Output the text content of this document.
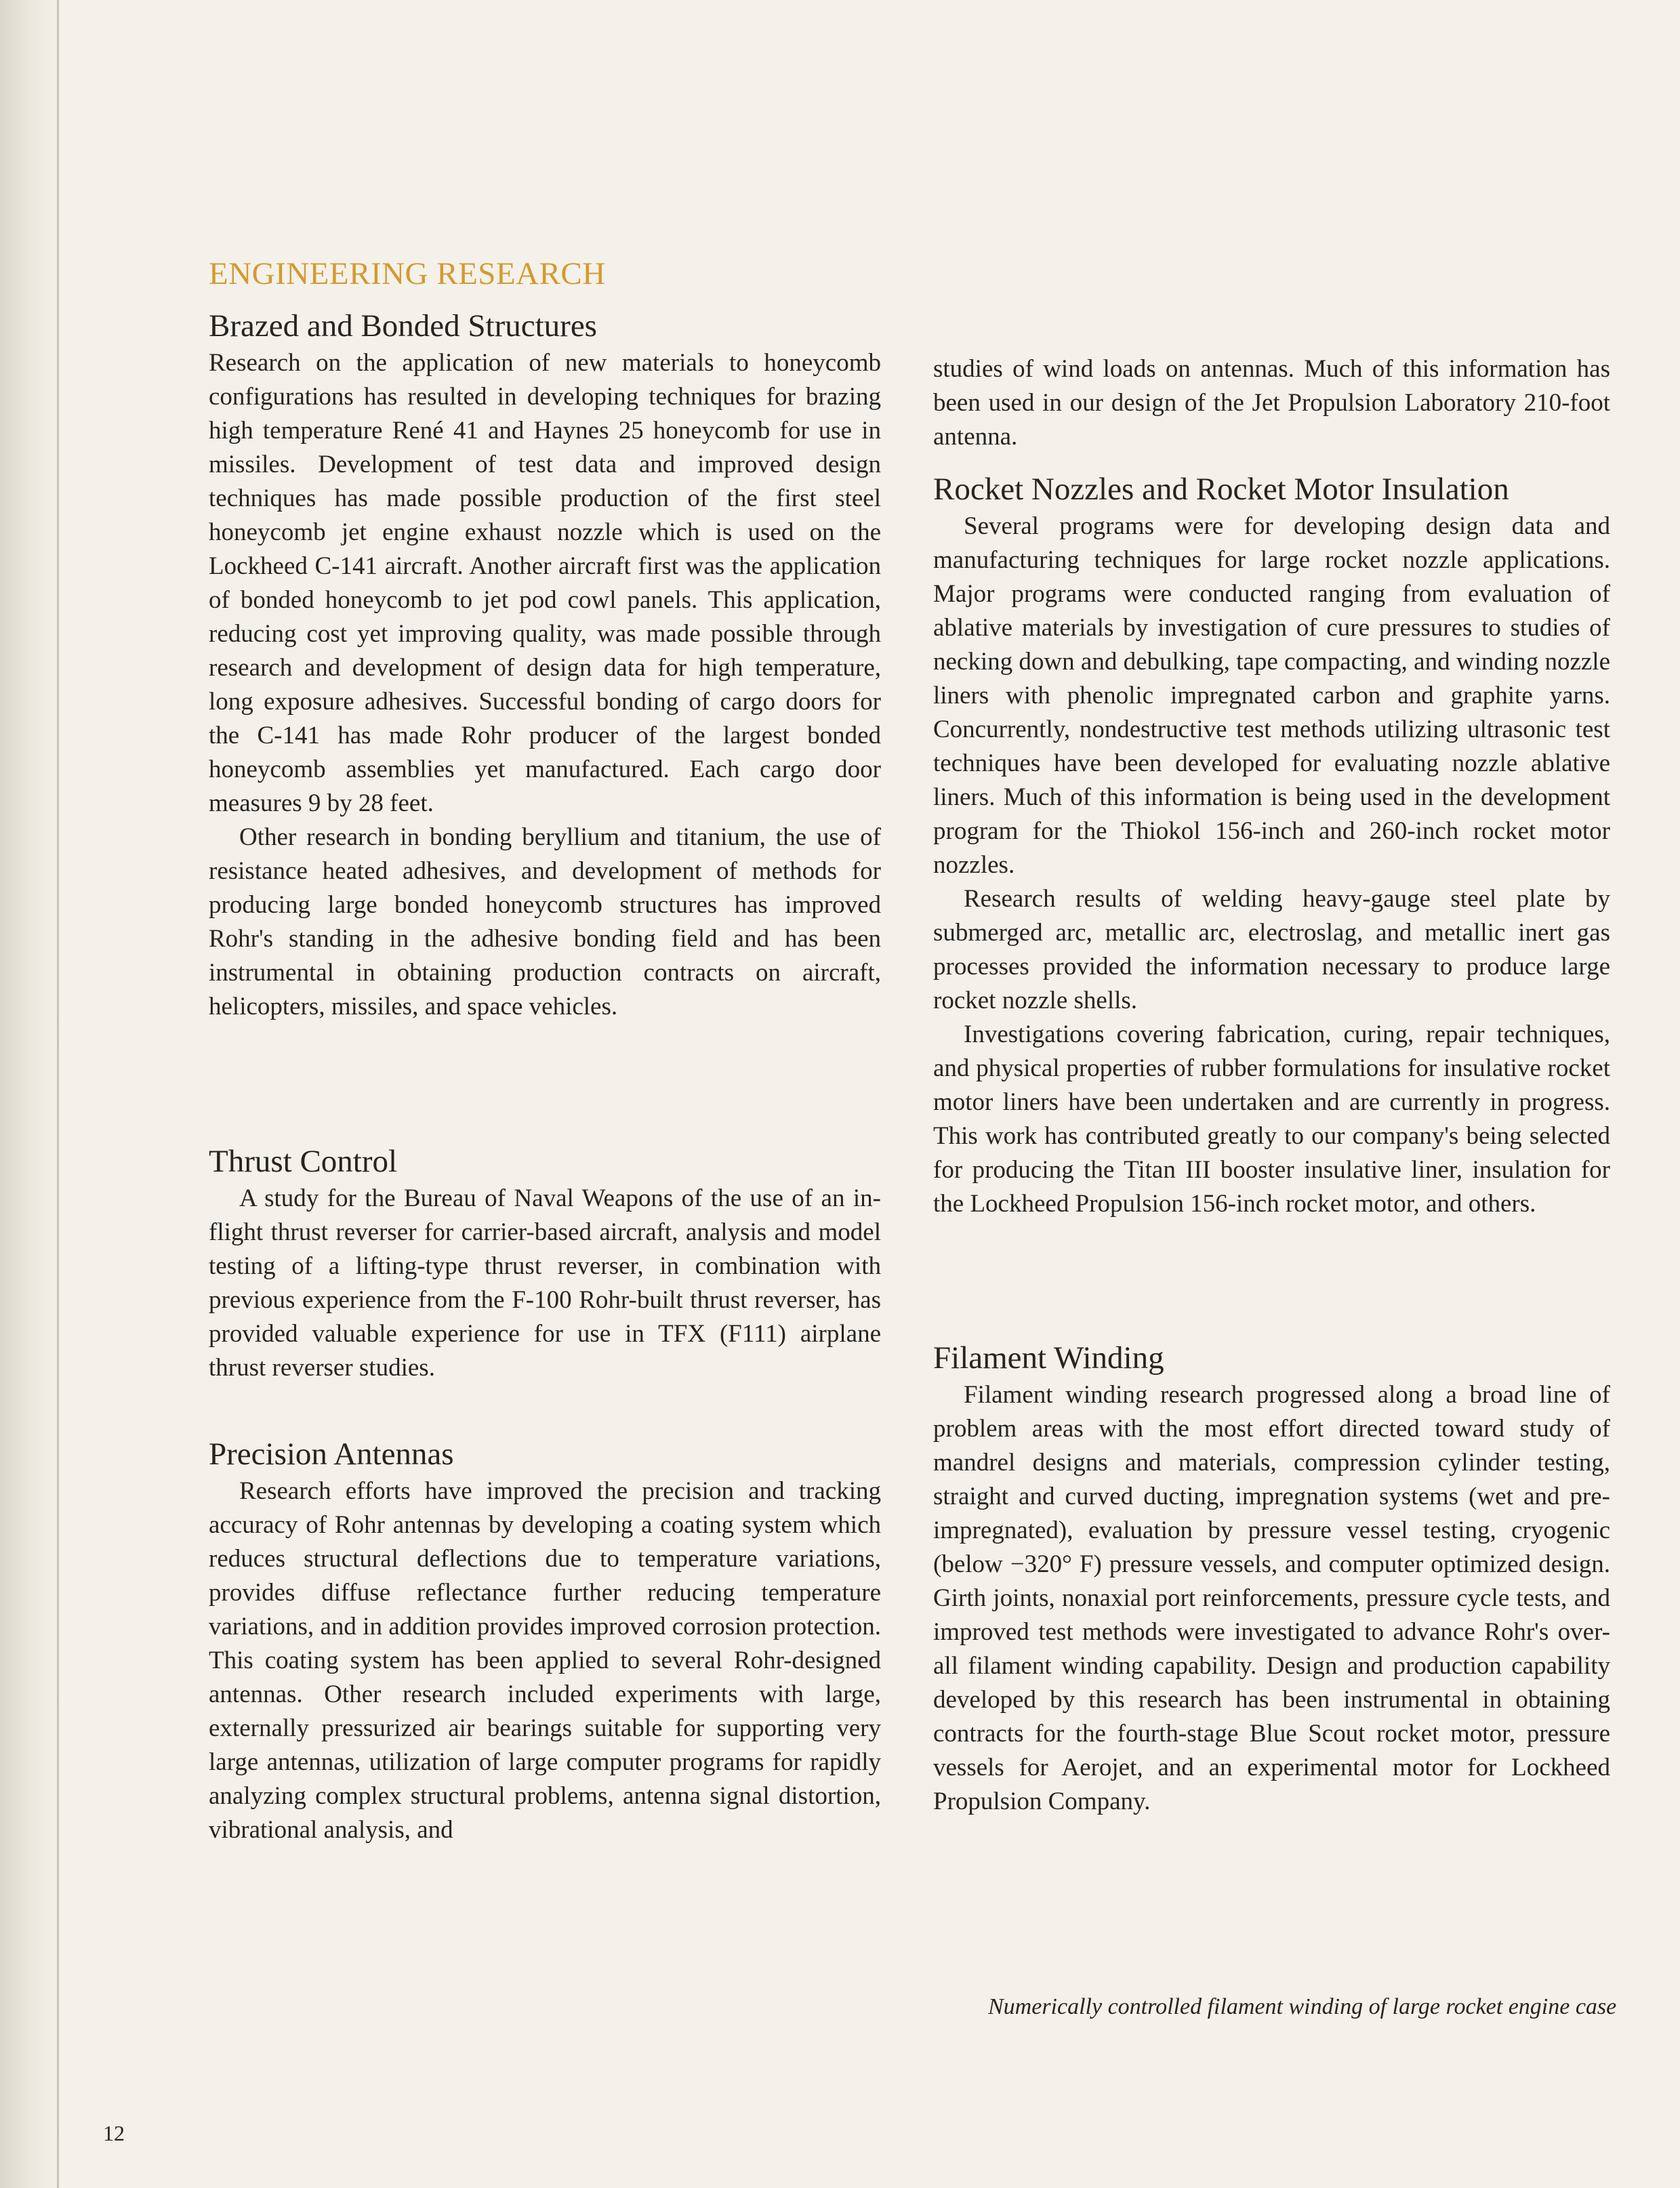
ENGINEERING RESEARCH
Brazed and Bonded Structures

Research on the application of new materials to honeycomb configurations has resulted in developing techniques for brazing high temperature René 41 and Haynes 25 honeycomb for use in missiles. Development of test data and improved design techniques has made possible production of the first steel honeycomb jet engine exhaust nozzle which is used on the Lockheed C-141 aircraft. Another aircraft first was the application of bonded honeycomb to jet pod cowl panels. This application, reducing cost yet improving quality, was made possible through research and development of design data for high temperature, long exposure adhesives. Successful bonding of cargo doors for the C-141 has made Rohr producer of the largest bonded honeycomb assemblies yet manufactured. Each cargo door measures 9 by 28 feet.

Other research in bonding beryllium and titanium, the use of resistance heated adhesives, and development of methods for producing large bonded honeycomb structures has improved Rohr's standing in the adhesive bonding field and has been instrumental in obtaining production contracts on aircraft, helicopters, missiles, and space vehicles.

Thrust Control

A study for the Bureau of Naval Weapons of the use of an in-flight thrust reverser for carrier-based aircraft, analysis and model testing of a lifting-type thrust reverser, in combination with previous experience from the F-100 Rohr-built thrust reverser, has provided valuable experience for use in TFX (F111) airplane thrust reverser studies.

Precision Antennas

Research efforts have improved the precision and tracking accuracy of Rohr antennas by developing a coating system which reduces structural deflections due to temperature variations, provides diffuse reflectance further reducing temperature variations, and in addition provides improved corrosion protection. This coating system has been applied to several Rohr-designed antennas. Other research included experiments with large, externally pressurized air bearings suitable for supporting very large antennas, utilization of large computer programs for rapidly analyzing complex structural problems, antenna signal distortion, vibrational analysis, and

studies of wind loads on antennas. Much of this information has been used in our design of the Jet Propulsion Laboratory 210-foot antenna.

Rocket Nozzles and Rocket Motor Insulation

Several programs were for developing design data and manufacturing techniques for large rocket nozzle applications. Major programs were conducted ranging from evaluation of ablative materials by investigation of cure pressures to studies of necking down and debulking, tape compacting, and winding nozzle liners with phenolic impregnated carbon and graphite yarns. Concurrently, nondestructive test methods utilizing ultrasonic test techniques have been developed for evaluating nozzle ablative liners. Much of this information is being used in the development program for the Thiokol 156-inch and 260-inch rocket motor nozzles.

Research results of welding heavy-gauge steel plate by submerged arc, metallic arc, electroslag, and metallic inert gas processes provided the information necessary to produce large rocket nozzle shells.

Investigations covering fabrication, curing, repair techniques, and physical properties of rubber formulations for insulative rocket motor liners have been undertaken and are currently in progress. This work has contributed greatly to our company's being selected for producing the Titan III booster insulative liner, insulation for the Lockheed Propulsion 156-inch rocket motor, and others.

Filament Winding

Filament winding research progressed along a broad line of problem areas with the most effort directed toward study of mandrel designs and materials, compression cylinder testing, straight and curved ducting, impregnation systems (wet and pre-impregnated), evaluation by pressure vessel testing, cryogenic (below −320° F) pressure vessels, and computer optimized design. Girth joints, nonaxial port reinforcements, pressure cycle tests, and improved test methods were investigated to advance Rohr's over-all filament winding capability. Design and production capability developed by this research has been instrumental in obtaining contracts for the fourth-stage Blue Scout rocket motor, pressure vessels for Aerojet, and an experimental motor for Lockheed Propulsion Company.

Numerically controlled filament winding of large rocket engine case
12
